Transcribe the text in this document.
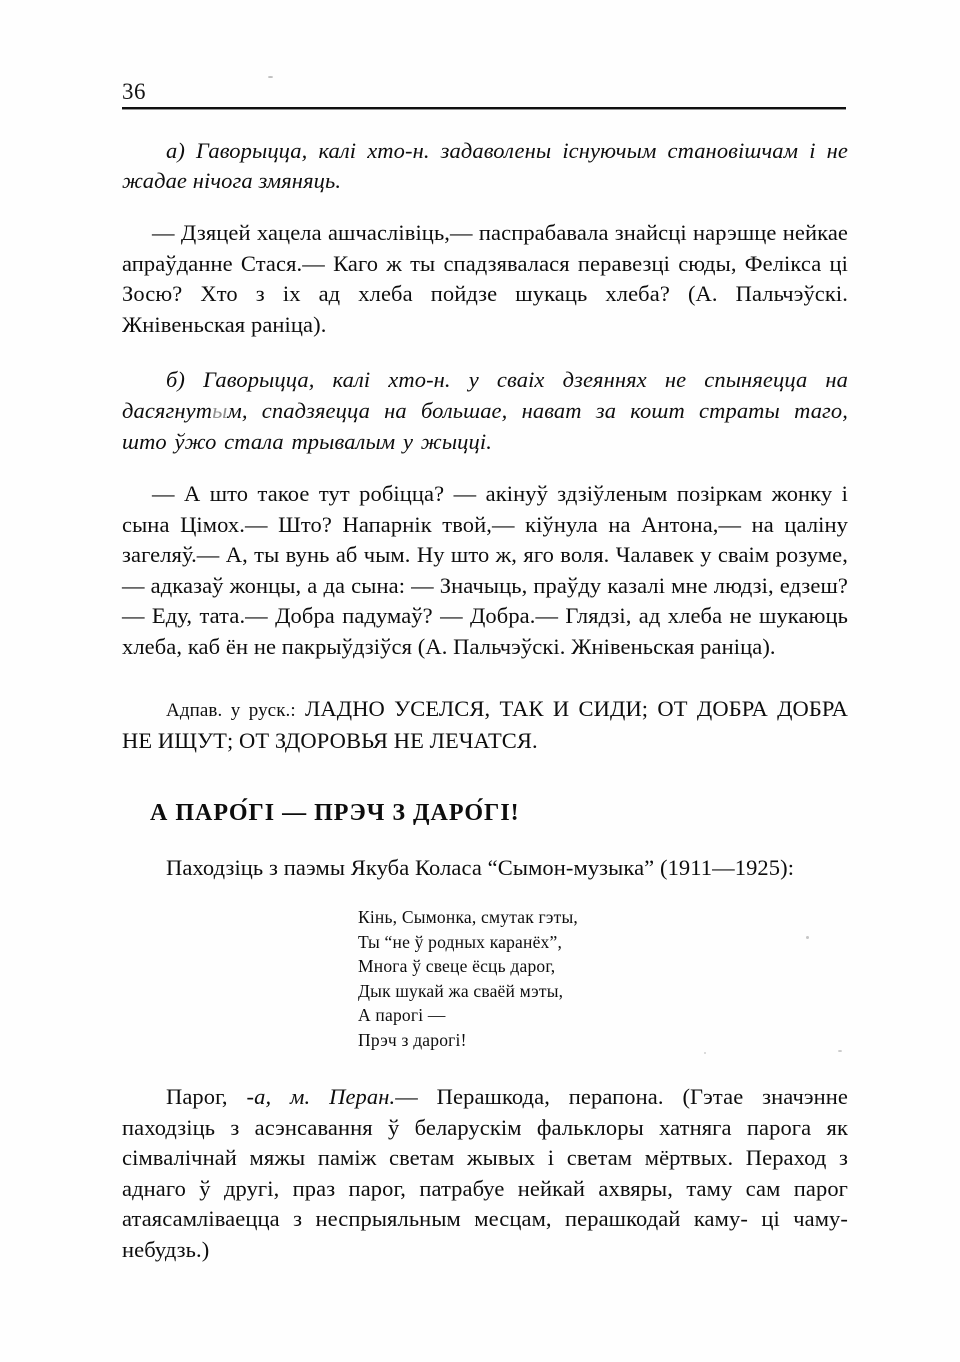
36

а) Гаворыцца, калі хто-н. задаволены існуючым становішчам і не жадае нічога змяняць.

— Дзяцей хацела ашчаслівіць,— паспрабавала знайсці нарэшце нейкае апраўданне Стася.— Каго ж ты спадзявалася перавезці сюды, Фелікса ці Зосю? Хто з іх ад хлеба пойдзе шукаць хлеба? (А. Пальчэўскі. Жнівеньская раніца).

б) Гаворыцца, калі хто-н. у сваіх дзеяннях не спыняецца на дасягнутым, спадзяецца на большае, нават за кошт страты таго, што ўжо стала трывалым у жыцці.

— А што такое тут робіцца? — акінуў здзіўленым позіркам жонку і сына Цімох.— Што? Напарнік твой,— кіўнула на Антона,— на цаліну загеляў.— А, ты вунь аб чым. Ну што ж, яго воля. Чалавек у сваім розуме,— адказаў жонцы, а да сына: — Значыць, праўду казалі мне людзі, едзеш? — Еду, тата.— Добра падумаў? — Добра.— Глядзі, ад хлеба не шукаюць хлеба, каб ён не пакрыўдзіўся (А. Пальчэўскі. Жнівеньская раніца).

Адпав. у руск.: ЛАДНО УСЕЛСЯ, ТАК И СИДИ; ОТ ДОБРА ДОБРА НЕ ИЩУТ; ОТ ЗДОРОВЬЯ НЕ ЛЕЧАТСЯ.

А ПАРО́ГІ — ПРЭЧ З ДАРО́ГІ!

Паходзіць з паэмы Якуба Коласа “Сымон-музыка” (1911—1925):

Кінь, Сымонка, смутак гэты,
Ты “не ў родных каранёх”,
Многа ў свеце ёсць дарог,
Дык шукай жа сваёй мэты,
А парогі —
Прэч з дарогі!

Парог, -а, м. Перан.— Перашкода, перапона. (Гэтае значэнне паходзіць з асэнсавання ў беларускім фальклоры хатняга парога як сімвалічнай мяжы паміж светам жывых і светам мёртвых. Пераход з аднаго ў другі, праз парог, патрабуе нейкай ахвяры, таму сам парог атаясамліваецца з неспрыяльным месцам, перашкодай каму- ці чаму-небудзь.)
